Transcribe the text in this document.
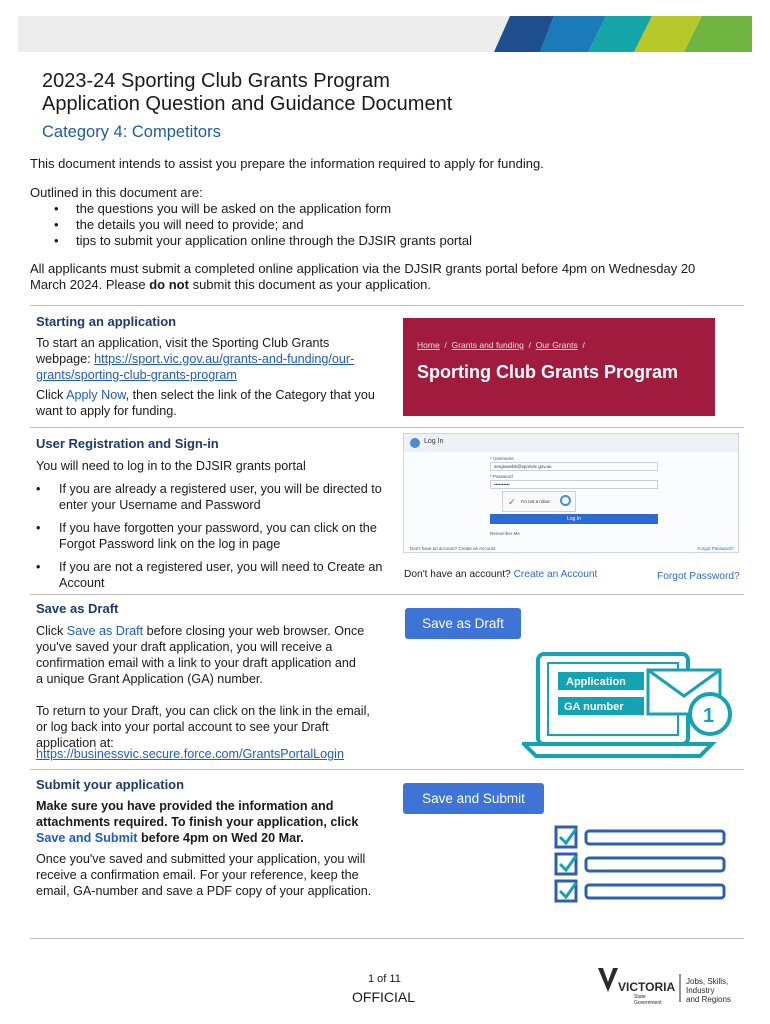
2023-24 Sporting Club Grants Program
Application Question and Guidance Document
Category 4: Competitors
This document intends to assist you prepare the information required to apply for funding.
Outlined in this document are:
• the questions you will be asked on the application form
• the details you will need to provide; and
• tips to submit your application online through the DJSIR grants portal
All applicants must submit a completed online application via the DJSIR grants portal before 4pm on Wednesday 20 March 2024. Please do not submit this document as your application.
Starting an application
To start an application, visit the Sporting Club Grants webpage: https://sport.vic.gov.au/grants-and-funding/our-grants/sporting-club-grants-program
Click Apply Now, then select the link of the Category that you want to apply for funding.
Home / Grants and funding / Our Grants /
Sporting Club Grants Program
User Registration and Sign-in
You will need to log in to the DJSIR grants portal
• If you are already a registered user, you will be directed to enter your Username and Password
• If you have forgotten your password, you can click on the Forgot Password link on the log in page
• If you are not a registered user, you will need to Create an Account
Log In
* Username
sergiowebb@sportvic.gov.au
* Password
••••••••••
✓ I'm not a robot
Log In
Remember Me
Don't have an account? Create an Account	Forgot Password?
Don't have an account? Create an Account	Forgot Password?
Save as Draft
Click Save as Draft before closing your web browser. Once you've saved your draft application, you will receive a confirmation email with a link to your draft application and a unique Grant Application (GA) number.
To return to your Draft, you can click on the link in the email, or log back into your portal account to see your Draft application at:
https://businessvic.secure.force.com/GrantsPortalLogin
Save as Draft
Application
GA number	1
Submit your application
Make sure you have provided the information and attachments required. To finish your application, click Save and Submit before 4pm on Wed 20 Mar.
Once you've saved and submitted your application, you will receive a confirmation email. For your reference, keep the email, GA-number and save a PDF copy of your application.
Save and Submit
1 of 11
OFFICIAL
VICTORIA
State
Government
Jobs, Skills,
Industry
and Regions
